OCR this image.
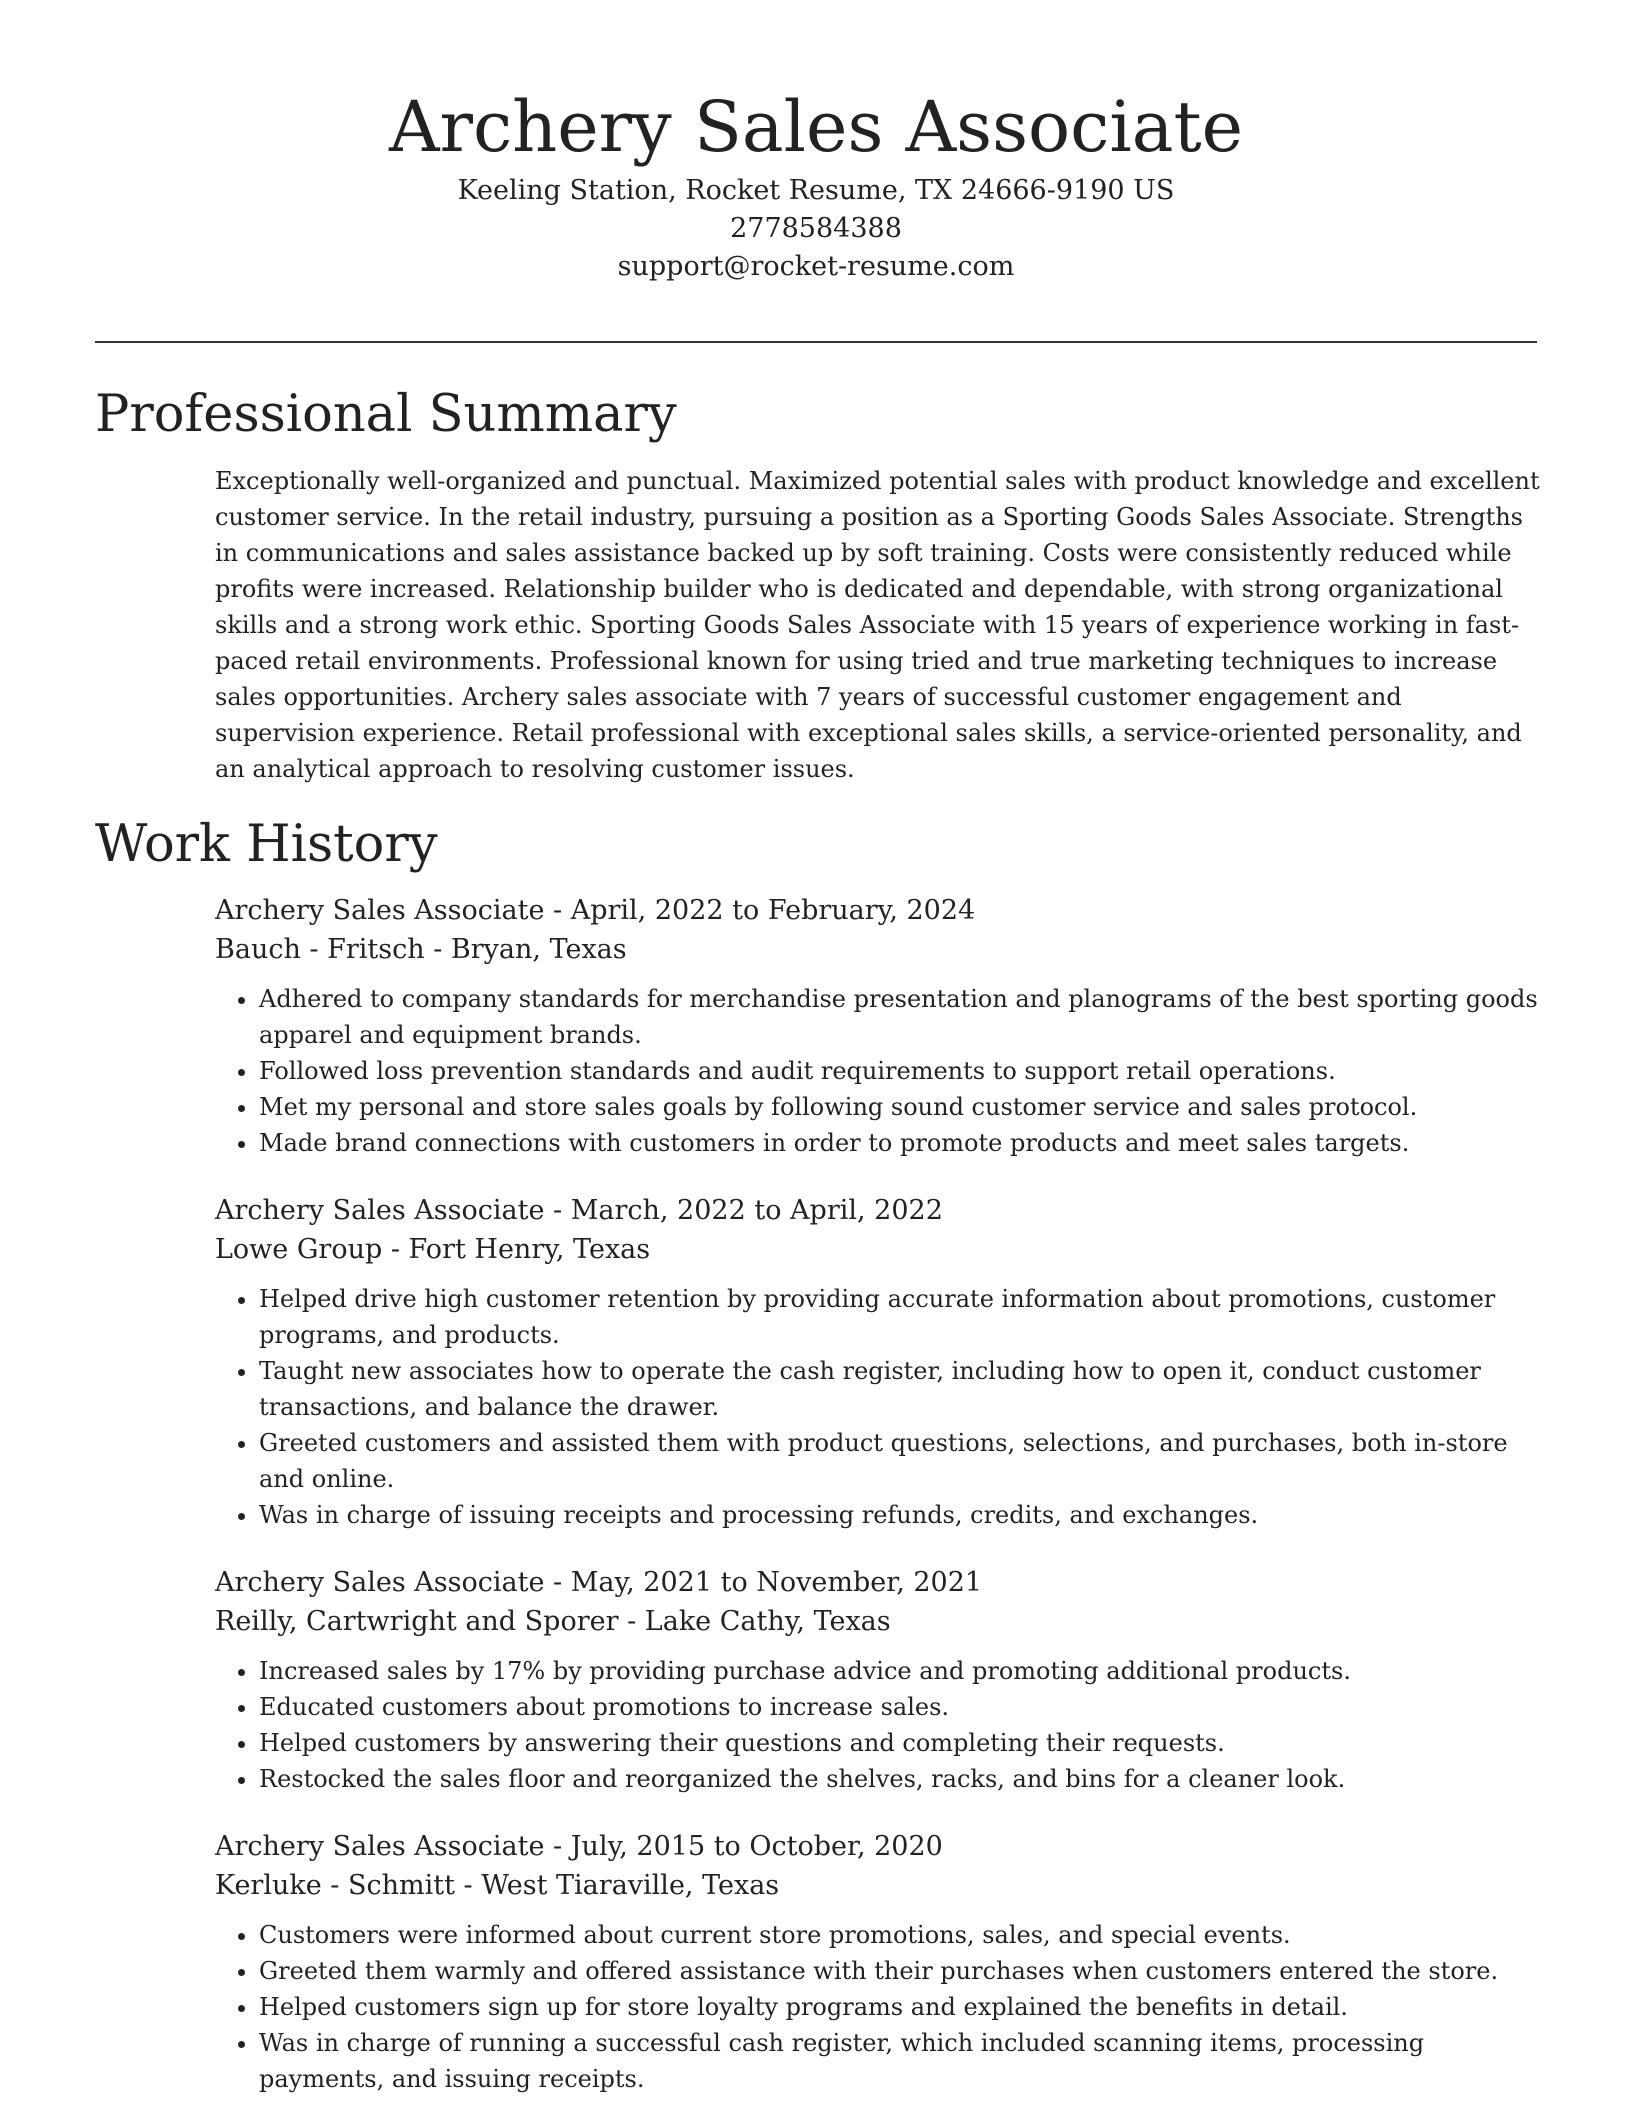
Archery Sales Associate

Keeling Station, Rocket Resume, TX 24666-9190 US
2778584388
support@rocket-resume.com

Professional Summary

Exceptionally well-organized and punctual. Maximized potential sales with product knowledge and excellent customer service. In the retail industry, pursuing a position as a Sporting Goods Sales Associate. Strengths in communications and sales assistance backed up by soft training. Costs were consistently reduced while profits were increased. Relationship builder who is dedicated and dependable, with strong organizational skills and a strong work ethic. Sporting Goods Sales Associate with 15 years of experience working in fast-paced retail environments. Professional known for using tried and true marketing techniques to increase sales opportunities. Archery sales associate with 7 years of successful customer engagement and supervision experience. Retail professional with exceptional sales skills, a service-oriented personality, and an analytical approach to resolving customer issues.

Work History

Archery Sales Associate - April, 2022 to February, 2024

Bauch - Fritsch - Bryan, Texas

• Adhered to company standards for merchandise presentation and planograms of the best sporting goods apparel and equipment brands.
• Followed loss prevention standards and audit requirements to support retail operations.
• Met my personal and store sales goals by following sound customer service and sales protocol.
• Made brand connections with customers in order to promote products and meet sales targets.

Archery Sales Associate - March, 2022 to April, 2022

Lowe Group - Fort Henry, Texas

• Helped drive high customer retention by providing accurate information about promotions, customer programs, and products.
• Taught new associates how to operate the cash register, including how to open it, conduct customer transactions, and balance the drawer.
• Greeted customers and assisted them with product questions, selections, and purchases, both in-store and online.
• Was in charge of issuing receipts and processing refunds, credits, and exchanges.

Archery Sales Associate - May, 2021 to November, 2021

Reilly, Cartwright and Sporer - Lake Cathy, Texas

• Increased sales by 17% by providing purchase advice and promoting additional products.
• Educated customers about promotions to increase sales.
• Helped customers by answering their questions and completing their requests.
• Restocked the sales floor and reorganized the shelves, racks, and bins for a cleaner look.

Archery Sales Associate - July, 2015 to October, 2020

Kerluke - Schmitt - West Tiaraville, Texas

• Customers were informed about current store promotions, sales, and special events.
• Greeted them warmly and offered assistance with their purchases when customers entered the store.
• Helped customers sign up for store loyalty programs and explained the benefits in detail.
• Was in charge of running a successful cash register, which included scanning items, processing payments, and issuing receipts.
